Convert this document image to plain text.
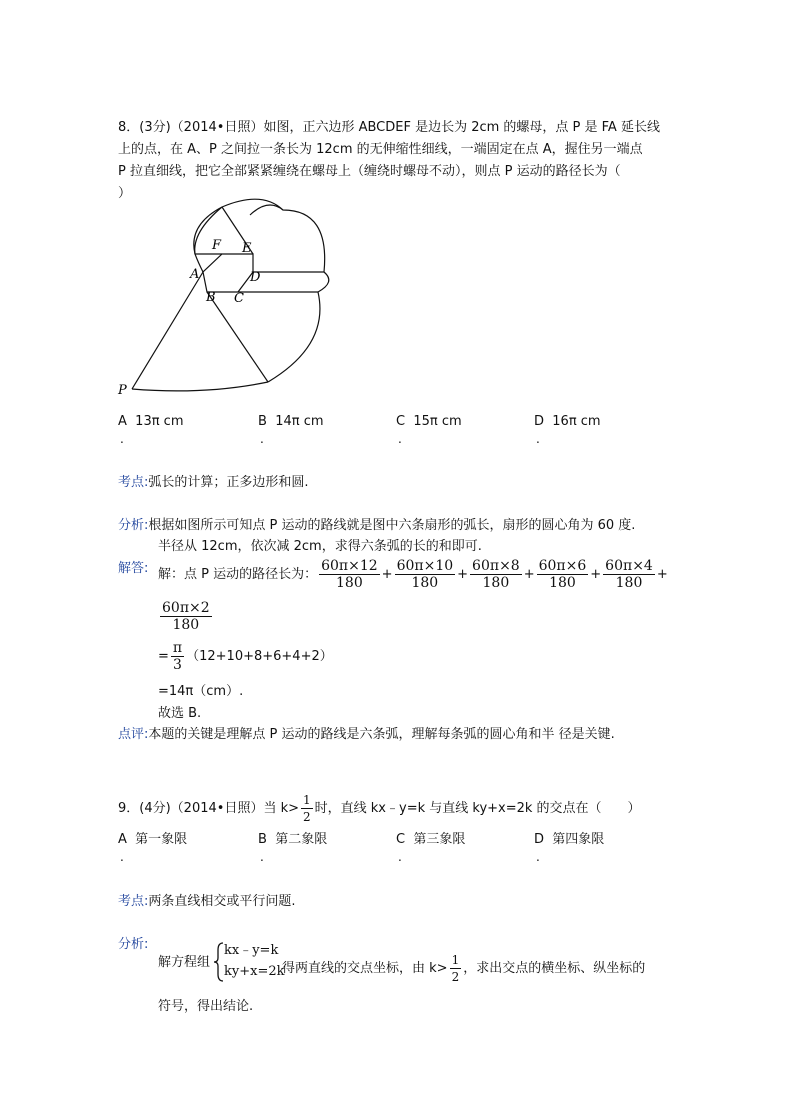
8．(3分)（2014•日照）如图，正六边形 ABCDEF 是边长为 2cm 的螺母，点 P 是 FA 延长线
上的点，在 A、P 之间拉一条长为 12cm 的无伸缩性细线，一端固定在点 A，握住另一端点
P 拉直细线，把它全部紧紧缠绕在螺母上（缠绕时螺母不动），则点 P 运动的路径长为（
）
F E
A	D
B C
P
A 13π cm	B 14π cm	C 15π cm	D 16π cm
.	.	.	.
考点:弧长的计算；正多边形和圆.
分析:根据如图所示可知点 P 运动的路线就是图中六条扇形的弧长，扇形的圆心角为 60 度.
半径从 12cm，依次减 2cm，求得六条弧的长的和即可.
解答: 解：点 P 运动的路径长为： $\frac{60\pi\times 12}{180} + \frac{60\pi\times 10}{180} + \frac{60\pi\times 8}{180} + \frac{60\pi\times 6}{180} + \frac{60\pi\times 4}{180}$ +
$\frac{60\pi\times 2}{180}$
= $\frac{\pi}{3} (12+10+8+6+4+2)$
=14π（cm）.
故选 B.
点评:本题的关键是理解点 P 运动的路线是六条弧，理解每条弧的圆心角和半 径是关键.
9．(4分)（2014•日照）当 $k> \frac{1}{2}$ 时，直线 kx﹣y=k 与直线 ky+x=2k 的交点在（　　）
A 第一象限	B 第二象限	C 第三象限	D 第四象限
.	.	.	.
考点:两条直线相交或平行问题.
分析:
解方程组
kx﹣y=k
ky+x=2k
得两直线的交点坐标，由 $k> \frac{1}{2}$ ，求出交点的横坐标、纵坐标的
符号，得出结论.
